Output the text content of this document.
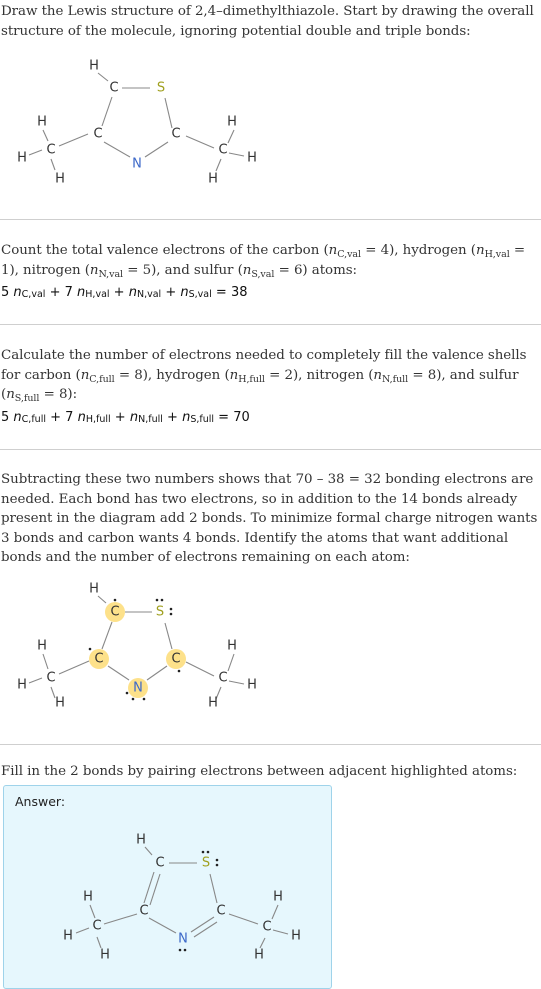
Draw the Lewis structure of 2,4–dimethylthiazole. Start by drawing the overall structure of the molecule, ignoring potential double and triple bonds:
H
C	S
C	C
N
H
C
H
H
H
C
H
H
Count the total valence electrons of the carbon $(n_{C,val} = 4)$, hydrogen $(n_{H,val} = 1)$, nitrogen $(n_{N,val} = 5)$, and sulfur $(n_{S,val} = 6)$ atoms:
5 $n_{C,val} + 7$ $n_{H,val} + n_{N,val} + n_{S,val} = 38$
Calculate the number of electrons needed to completely fill the valence shells for carbon $(n_{C,full} = 8)$, hydrogen $(n_{H,full} = 2)$, nitrogen $(n_{N,full} = 8)$, and sulfur $(n_{S,full} = 8)$:
5 $n_{C,full} + 7$ $n_{H,full} + n_{N,full} + n_{S,full} = 70$
Subtracting these two numbers shows that 70 – 38 = 32 bonding electrons are needed. Each bond has two electrons, so in addition to the 14 bonds already present in the diagram add 2 bonds. To minimize formal charge nitrogen wants 3 bonds and carbon wants 4 bonds. Identify the atoms that want additional bonds and the number of electrons remaining on each atom:
H
C	S
C	C
N
H
C
H
H
H
C H
H
Fill in the 2 bonds by pairing electrons between adjacent highlighted atoms:
Answer:
H
C	S
C	C
N
H
C
H
H
H
C
H
H
